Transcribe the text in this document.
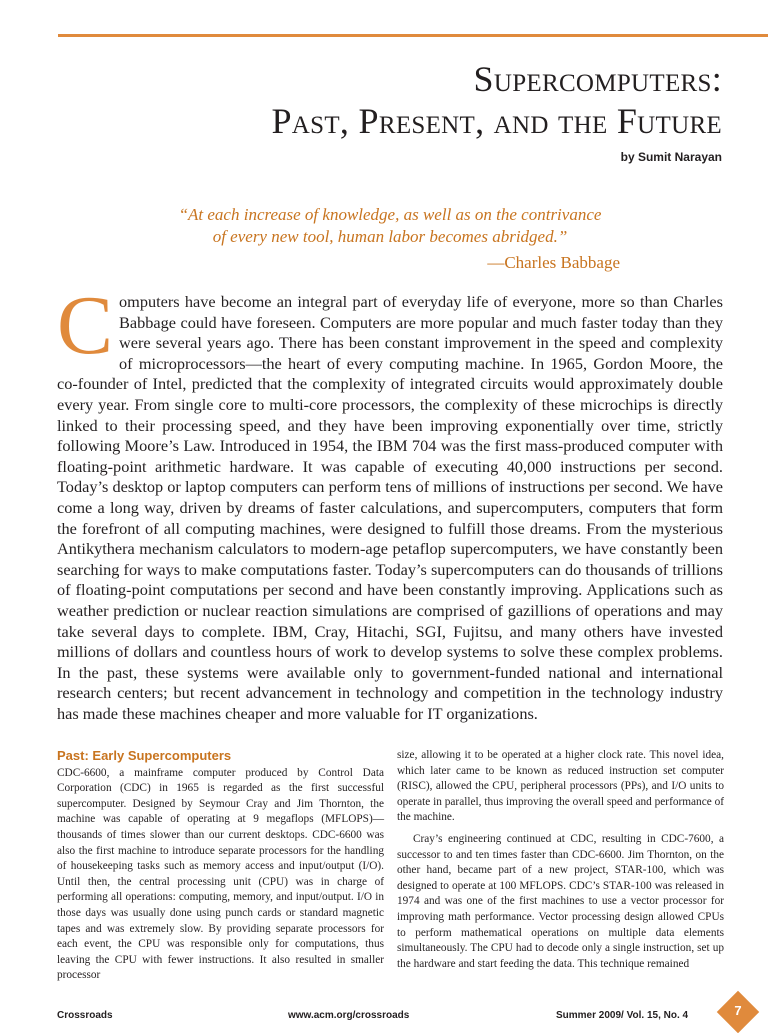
Supercomputers:
Past, Present, and the Future
by Sumit Narayan
“At each increase of knowledge, as well as on the contrivance
of every new tool, human labor becomes abridged.”
—Charles Babbage
C omputers have become an integral part of everyday life of everyone, more so than Charles Babbage could have foreseen. Computers are more popular and much faster today than they were several years ago. There has been constant improvement in the speed and complexity of microprocessors—the heart of every computing machine. In 1965, Gordon Moore, the co-founder of Intel, predicted that the complexity of integrated circuits would approximately double every year. From single core to multi-core processors, the complexity of these microchips is directly linked to their processing speed, and they have been improving exponentially over time, strictly following Moore’s Law. Introduced in 1954, the IBM 704 was the first mass-produced computer with floating-point arithmetic hardware. It was capable of executing 40,000 instructions per second. Today’s desktop or laptop computers can perform tens of millions of instructions per second. We have come a long way, driven by dreams of faster calculations, and supercomputers, computers that form the forefront of all computing machines, were designed to fulfill those dreams. From the mysterious Antikythera mechanism calculators to modern-age petaflop supercomputers, we have constantly been searching for ways to make computations faster. Today’s supercomputers can do thousands of trillions of floating-point computations per second and have been constantly improving. Applications such as weather prediction or nuclear reaction simulations are comprised of gazillions of operations and may take several days to complete. IBM, Cray, Hitachi, SGI, Fujitsu, and many others have invested millions of dollars and countless hours of work to develop systems to solve these complex problems. In the past, these systems were available only to government-funded national and international research centers; but recent advancement in technology and competition in the technology industry has made these machines cheaper and more valuable for IT organizations.
Past: Early Supercomputers

CDC-6600, a mainframe computer produced by Control Data Corporation (CDC) in 1965 is regarded as the first successful supercomputer. Designed by Seymour Cray and Jim Thornton, the machine was capable of operating at 9 megaflops (MFLOPS)—thousands of times slower than our current desktops. CDC-6600 was also the first machine to introduce separate processors for the handling of housekeeping tasks such as memory access and input/output (I/O). Until then, the central processing unit (CPU) was in charge of performing all operations: computing, memory, and input/output. I/O in those days was usually done using punch cards or standard magnetic tapes and was extremely slow. By providing separate processors for each event, the CPU was responsible only for computations, thus leaving the CPU with fewer instructions. It also resulted in smaller processor

size, allowing it to be operated at a higher clock rate. This novel idea, which later came to be known as reduced instruction set computer (RISC), allowed the CPU, peripheral processors (PPs), and I/O units to operate in parallel, thus improving the overall speed and performance of the machine.

Cray’s engineering continued at CDC, resulting in CDC-7600, a successor to and ten times faster than CDC-6600. Jim Thornton, on the other hand, became part of a new project, STAR-100, which was designed to operate at 100 MFLOPS. CDC’s STAR-100 was released in 1974 and was one of the first machines to use a vector processor for improving math performance. Vector processing design allowed CPUs to perform mathematical operations on multiple data elements simultaneously. The CPU had to decode only a single instruction, set up the hardware and start feeding the data. This technique remained

Crossroads	www.acm.org/crossroads	Summer 2009/ Vol. 15, No. 4	7
